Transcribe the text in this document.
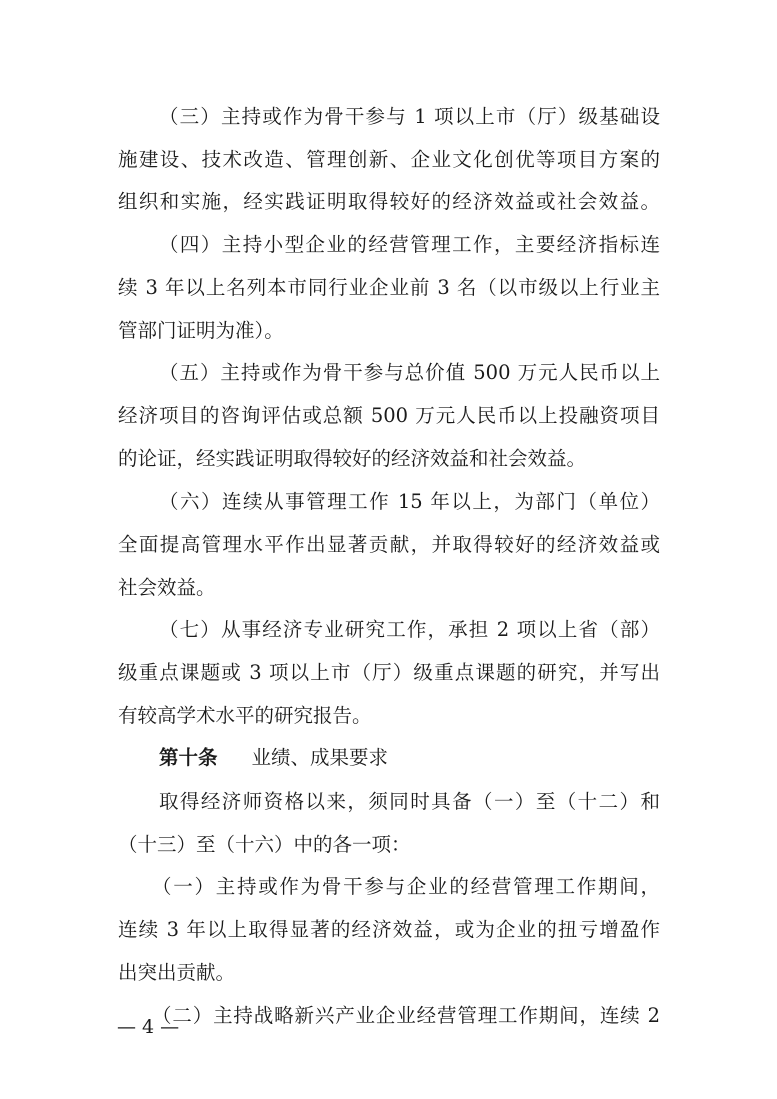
（三）主持或作为骨干参与 1 项以上市（厅）级基础设
施建设、技术改造、管理创新、企业文化创优等项目方案的
组织和实施，经实践证明取得较好的经济效益或社会效益。
（四）主持小型企业的经营管理工作，主要经济指标连
续 3 年以上名列本市同行业企业前 3 名（以市级以上行业主
管部门证明为准）。
（五）主持或作为骨干参与总价值 500 万元人民币以上
经济项目的咨询评估或总额 500 万元人民币以上投融资项目
的论证，经实践证明取得较好的经济效益和社会效益。
（六）连续从事管理工作 15 年以上，为部门（单位）
全面提高管理水平作出显著贡献，并取得较好的经济效益或
社会效益。
（七）从事经济专业研究工作，承担 2 项以上省（部）
级重点课题或 3 项以上市（厅）级重点课题的研究，并写出
有较高学术水平的研究报告。
第十条 业绩、成果要求
取得经济师资格以来，须同时具备（一）至（十二）和
（十三）至（十六）中的各一项：
（一）主持或作为骨干参与企业的经营管理工作期间，
连续 3 年以上取得显著的经济效益，或为企业的扭亏增盈作
出突出贡献。
（二）主持战略新兴产业企业经营管理工作期间，连续 2
— 4 —
